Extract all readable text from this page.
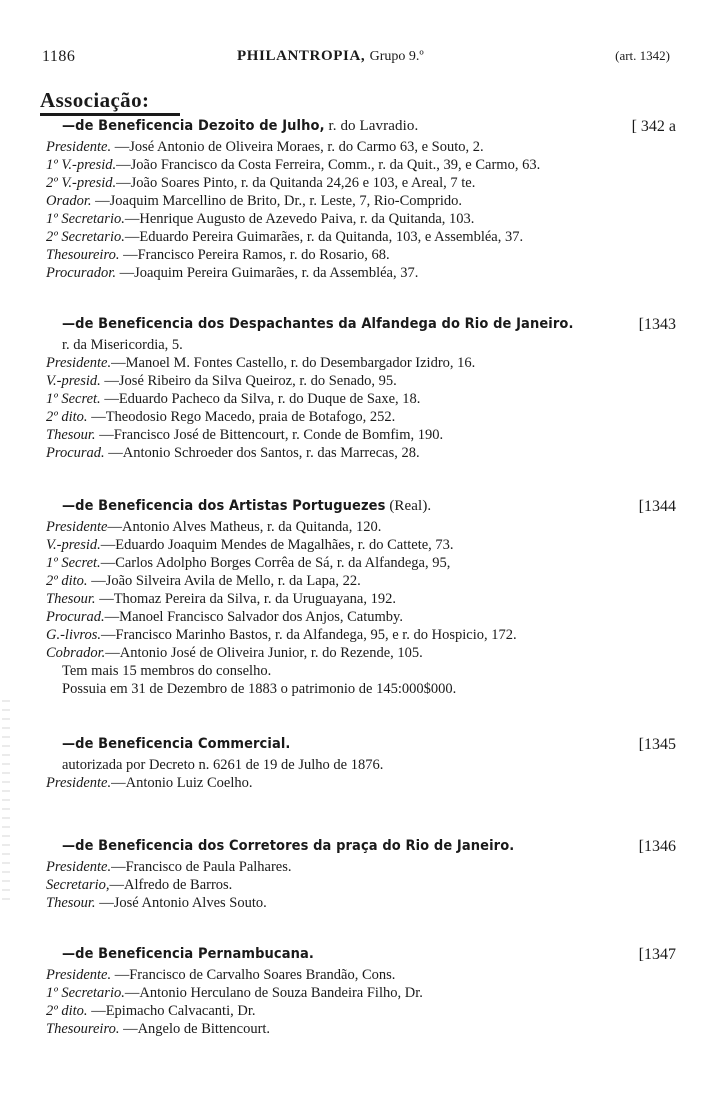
1186	PHILANTROPIA, Grupo 9.º	(art. 1342)
Associação:
—de Beneficencia Dezoito de Julho, r. do Lavradio.	[ 342 a
Presidente. —José Antonio de Oliveira Moraes, r. do Carmo 63, e Souto, 2.
1º V.-presid.—João Francisco da Costa Ferreira, Comm., r. da Quit., 39, e Carmo, 63.
2º V.-presid.—João Soares Pinto, r. da Quitanda 24,26 e 103, e Areal, 7 te.
Orador. —Joaquim Marcellino de Brito, Dr., r. Leste, 7, Rio-Comprido.
1º Secretario.—Henrique Augusto de Azevedo Paiva, r. da Quitanda, 103.
2º Secretario.—Eduardo Pereira Guimarães, r. da Quitanda, 103, e Assembléa, 37.
Thesoureiro. —Francisco Pereira Ramos, r. do Rosario, 68.
Procurador. —Joaquim Pereira Guimarães, r. da Assembléa, 37.
—de Beneficencia dos Despachantes da Alfandega do Rio de Janeiro.	[1343
r. da Misericordia, 5.
Presidente.—Manoel M. Fontes Castello, r. do Desembargador Izidro, 16.
V.-presid. —José Ribeiro da Silva Queiroz, r. do Senado, 95.
1º Secret. —Eduardo Pacheco da Silva, r. do Duque de Saxe, 18.
2º dito. —Theodosio Rego Macedo, praia de Botafogo, 252.
Thesour. —Francisco José de Bittencourt, r. Conde de Bomfim, 190.
Procurad. —Antonio Schroeder dos Santos, r. das Marrecas, 28.
—de Beneficencia dos Artistas Portuguezes (Real).	[1344
Presidente—Antonio Alves Matheus, r. da Quitanda, 120.
V.-presid.—Eduardo Joaquim Mendes de Magalhães, r. do Cattete, 73.
1º Secret.—Carlos Adolpho Borges Corrêa de Sá, r. da Alfandega, 95,
2º dito. —João Silveira Avila de Mello, r. da Lapa, 22.
Thesour. —Thomaz Pereira da Silva, r. da Uruguayana, 192.
Procurad.—Manoel Francisco Salvador dos Anjos, Catumby.
G.-livros.—Francisco Marinho Bastos, r. da Alfandega, 95, e r. do Hospicio, 172.
Cobrador.—Antonio José de Oliveira Junior, r. do Rezende, 105.
Tem mais 15 membros do conselho.
Possuia em 31 de Dezembro de 1883 o patrimonio de 145:000$000.
—de Beneficencia Commercial.	[1345
autorizada por Decreto n. 6261 de 19 de Julho de 1876.
Presidente.—Antonio Luiz Coelho.
—de Beneficencia dos Corretores da praça do Rio de Janeiro.	[1346
Presidente.—Francisco de Paula Palhares.
Secretario,—Alfredo de Barros.
Thesour. —José Antonio Alves Souto.
—de Beneficencia Pernambucana.	[1347
Presidente. —Francisco de Carvalho Soares Brandão, Cons.
1º Secretario.—Antonio Herculano de Souza Bandeira Filho, Dr.
2º dito. —Epimacho Calvacanti, Dr.
Thesoureiro. —Angelo de Bittencourt.
